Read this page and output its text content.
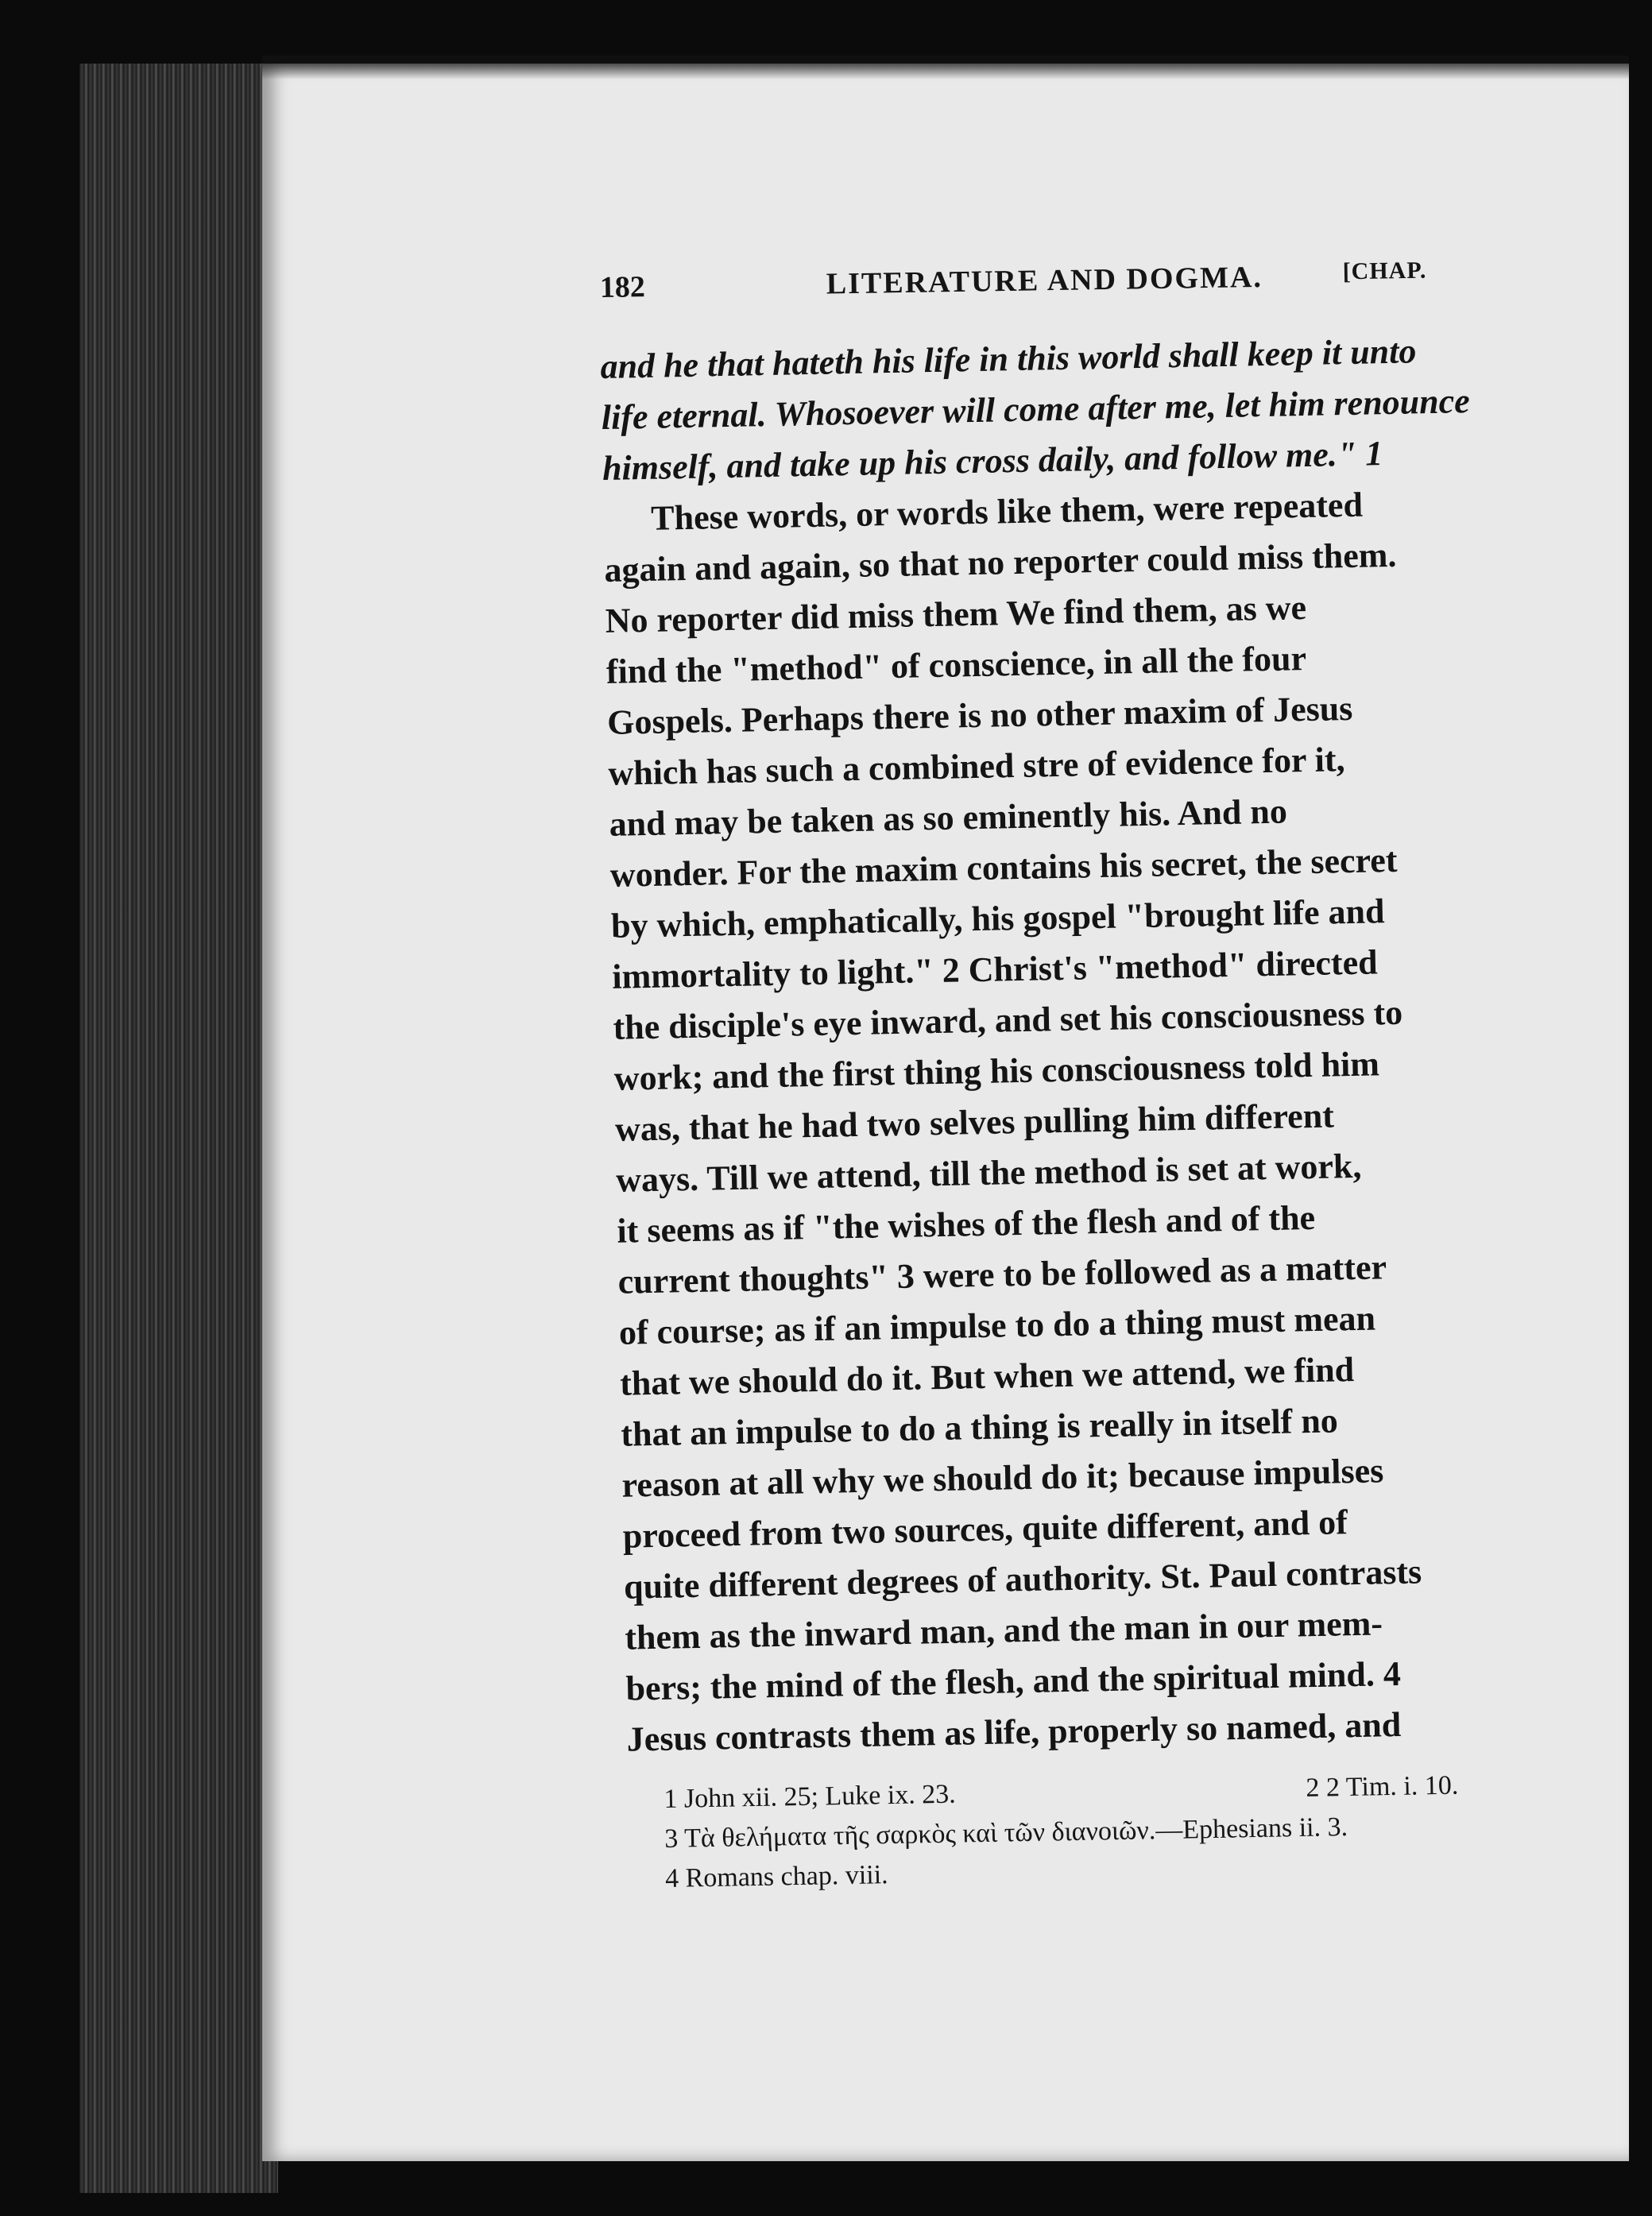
182	LITERATURE AND DOGMA.	[CHAP.
and he that hateth his life in this world shall keep it unto
life eternal. Whosoever will come after me, let him renounce
himself, and take up his cross daily, and follow me." 1
These words, or words like them, were repeated
again and again, so that no reporter could miss them.
No reporter did miss them We find them, as we
find the "method" of conscience, in all the four
Gospels. Perhaps there is no other maxim of Jesus
which has such a combined stre of evidence for it,
and may be taken as so eminently his. And no
wonder. For the maxim contains his secret, the secret
by which, emphatically, his gospel "brought life and
immortality to light." 2 Christ's "method" directed
the disciple's eye inward, and set his consciousness to
work; and the first thing his consciousness told him
was, that he had two selves pulling him different
ways. Till we attend, till the method is set at work,
it seems as if "the wishes of the flesh and of the
current thoughts" 3 were to be followed as a matter
of course; as if an impulse to do a thing must mean
that we should do it. But when we attend, we find
that an impulse to do a thing is really in itself no
reason at all why we should do it; because impulses
proceed from two sources, quite different, and of
quite different degrees of authority. St. Paul contrasts
them as the inward man, and the man in our mem-
bers; the mind of the flesh, and the spiritual mind. 4
Jesus contrasts them as life, properly so named, and
1 John xii. 25; Luke ix. 23.	2 2 Tim. i. 10.
3 Τὰ θελήματα τῆς σαρκὸς καὶ τῶν διανοιῶν.—Ephesians ii. 3.
4 Romans chap. viii.
